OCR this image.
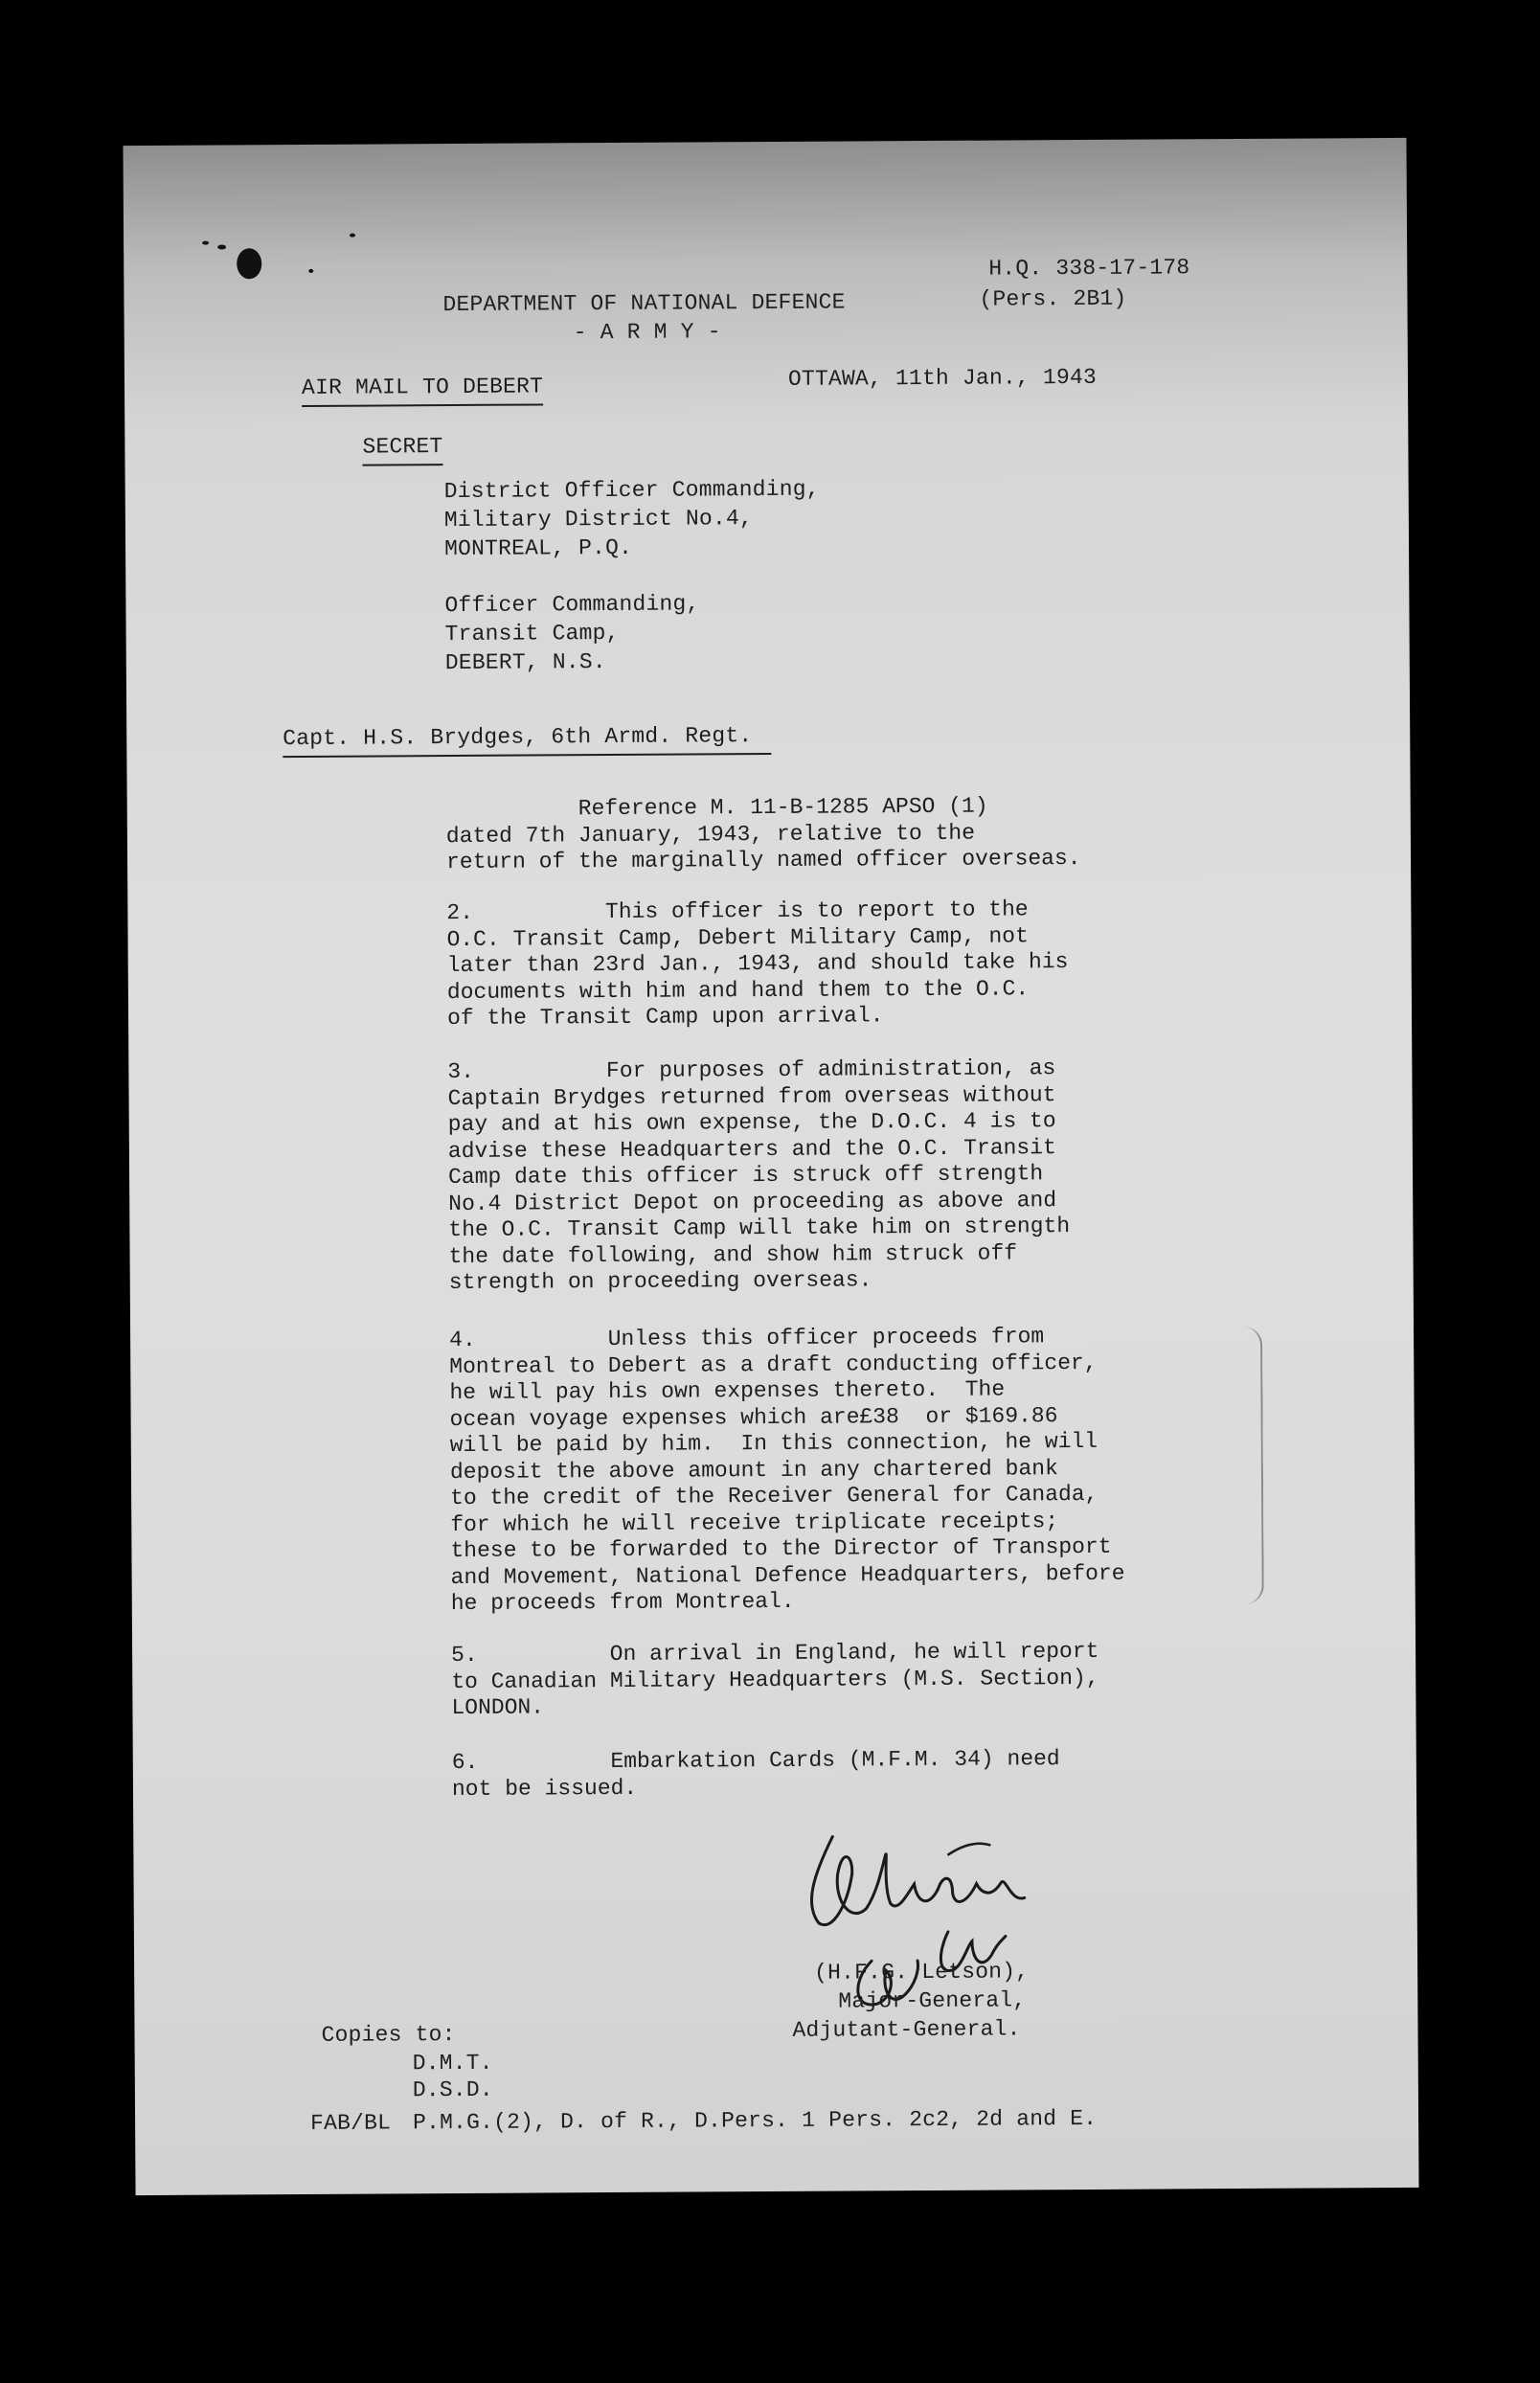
H.Q. 338-17-178
(Pers. 2B1)
DEPARTMENT OF NATIONAL DEFENCE
- A R M Y -
AIR MAIL TO DEBERT	OTTAWA, 11th Jan., 1943
SECRET
District Officer Commanding,
Military District No.4,
MONTREAL, P.Q.
Officer Commanding,
Transit Camp,
DEBERT, N.S.
Capt. H.S. Brydges, 6th Armd. Regt.
Reference M. 11-B-1285 APSO (1)
dated 7th January, 1943, relative to the
return of the marginally named officer overseas.
2.          This officer is to report to the
O.C. Transit Camp, Debert Military Camp, not
later than 23rd Jan., 1943, and should take his
documents with him and hand them to the O.C.
of the Transit Camp upon arrival.
3.          For purposes of administration, as
Captain Brydges returned from overseas without
pay and at his own expense, the D.O.C. 4 is to
advise these Headquarters and the O.C. Transit
Camp date this officer is struck off strength
No.4 District Depot on proceeding as above and
the O.C. Transit Camp will take him on strength
the date following, and show him struck off
strength on proceeding overseas.
4.          Unless this officer proceeds from
Montreal to Debert as a draft conducting officer,
he will pay his own expenses thereto.  The
ocean voyage expenses which are£38  or $169.86
will be paid by him.  In this connection, he will
deposit the above amount in any chartered bank
to the credit of the Receiver General for Canada,
for which he will receive triplicate receipts;
these to be forwarded to the Director of Transport
and Movement, National Defence Headquarters, before
he proceeds from Montreal.
5.          On arrival in England, he will report
to Canadian Military Headquarters (M.S. Section),
LONDON.
6.          Embarkation Cards (M.F.M. 34) need
not be issued.
(H.F.G. Letson),
Major-General,
Adjutant-General.
Copies to:
D.M.T.
D.S.D.
FAB/BL P.M.G.(2), D. of R., D.Pers. 1 Pers. 2c2, 2d and E.
